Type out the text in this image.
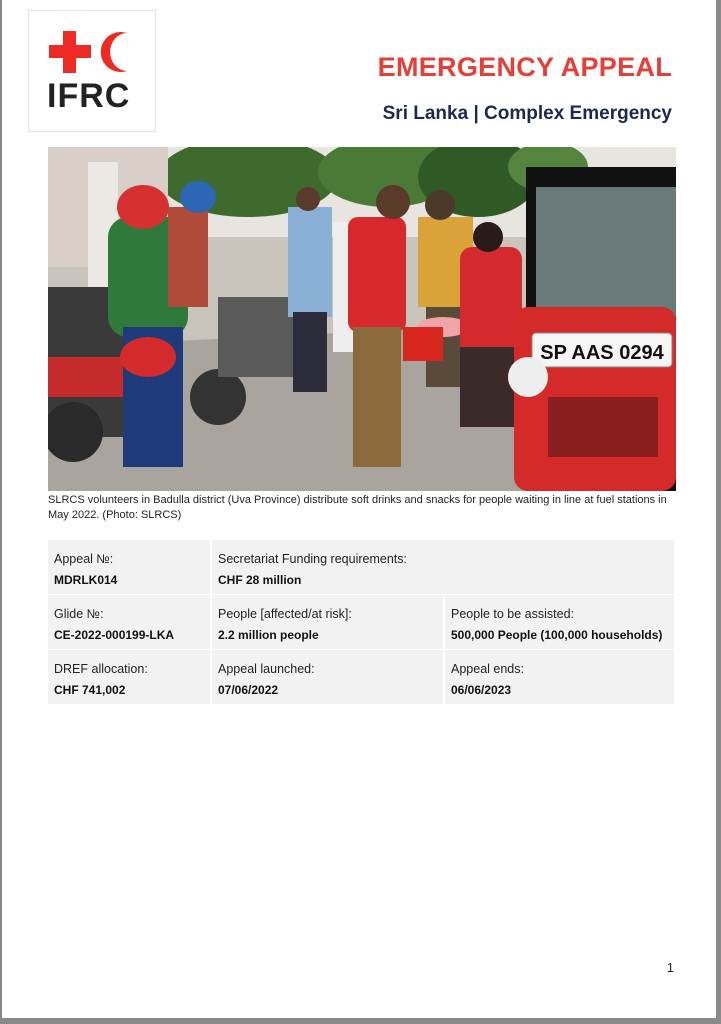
IFRC
EMERGENCY APPEAL
Sri Lanka | Complex Emergency
SP AAS 0294
SLRCS volunteers in Badulla district (Uva Province) distribute soft drinks and snacks for people waiting in line at fuel stations in May 2022. (Photo: SLRCS)
Appeal №:
MDRLK014
Secretariat Funding requirements:
CHF 28 million
Glide №:
CE-2022-000199-LKA
People [affected/at risk]:
2.2 million people
People to be assisted:
500,000 People (100,000 households)
DREF allocation:
CHF 741,002
Appeal launched:
07/06/2022
Appeal ends:
06/06/2023
1
